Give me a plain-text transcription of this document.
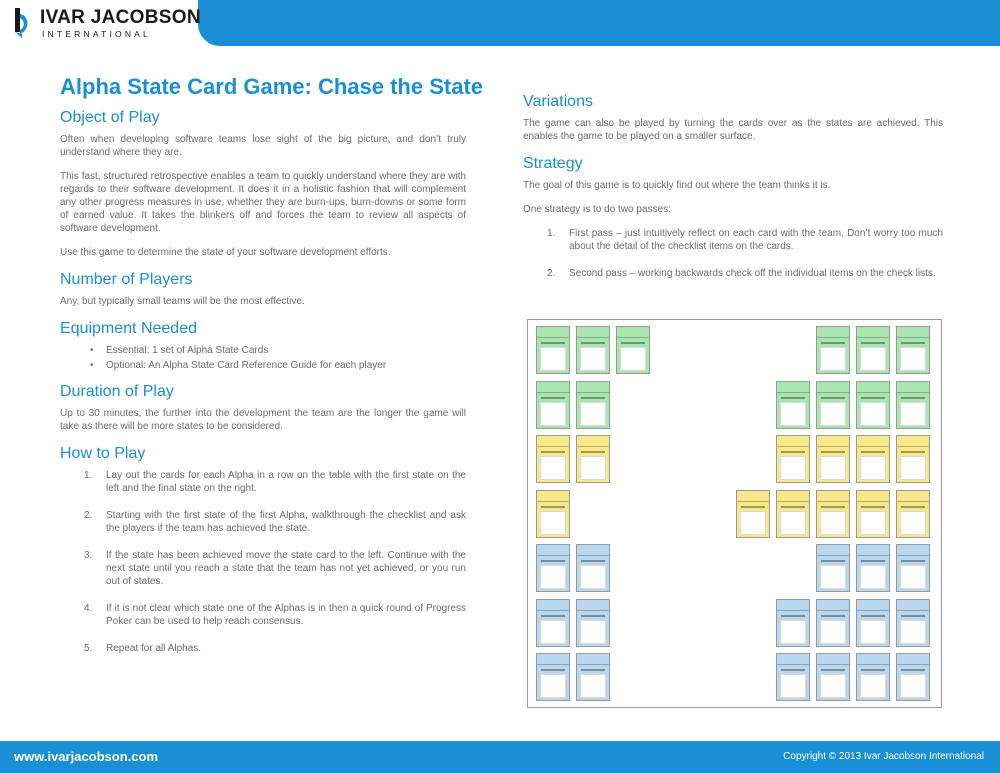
IVAR JACOBSON
INTERNATIONAL
Alpha State Card Game: Chase the State
Object of Play

Often when developing software teams lose sight of the big picture, and don’t truly understand where they are.

This fast, structured retrospective enables a team to quickly understand where they are with regards to their software development. It does it in a holistic fashion that will complement any other progress measures in use, whether they are burn-ups, burn-downs or some form of earned value. It takes the blinkers off and forces the team to review all aspects of software development.

Use this game to determine the state of your software development efforts.

Number of Players

Any, but typically small teams will be the most effective.

Equipment Needed
• Essential: 1 set of Alpha State Cards
• Optional: An Alpha State Card Reference Guide for each player
Duration of Play

Up to 30 minutes, the further into the development the team are the longer the game will take as there will be more states to be considered.

How to Play
1. Lay out the cards for each Alpha in a row on the table with the first state on the left and the final state on the right.
2. Starting with the first state of the first Alpha, walkthrough the checklist and ask the players if the team has achieved the state.
3. If the state has been achieved move the state card to the left. Continue with the next state until you reach a state that the team has not yet achieved, or you run out of states.
4. If it is not clear which state one of the Alphas is in then a quick round of Progress Poker can be used to help reach consensus.
5. Repeat for all Alphas.
Variations

The game can also be played by turning the cards over as the states are achieved. This enables the game to be played on a smaller surface.

Strategy

The goal of this game is to quickly find out where the team thinks it is.

One strategy is to do two passes:

1. First pass – just intuitively reflect on each card with the team. Don’t worry too much about the detail of the checklist items on the cards.
2. Second pass – working backwards check off the individual items on the check lists.
www.ivarjacobson.com	Copyright © 2013 Ivar Jacobson International
